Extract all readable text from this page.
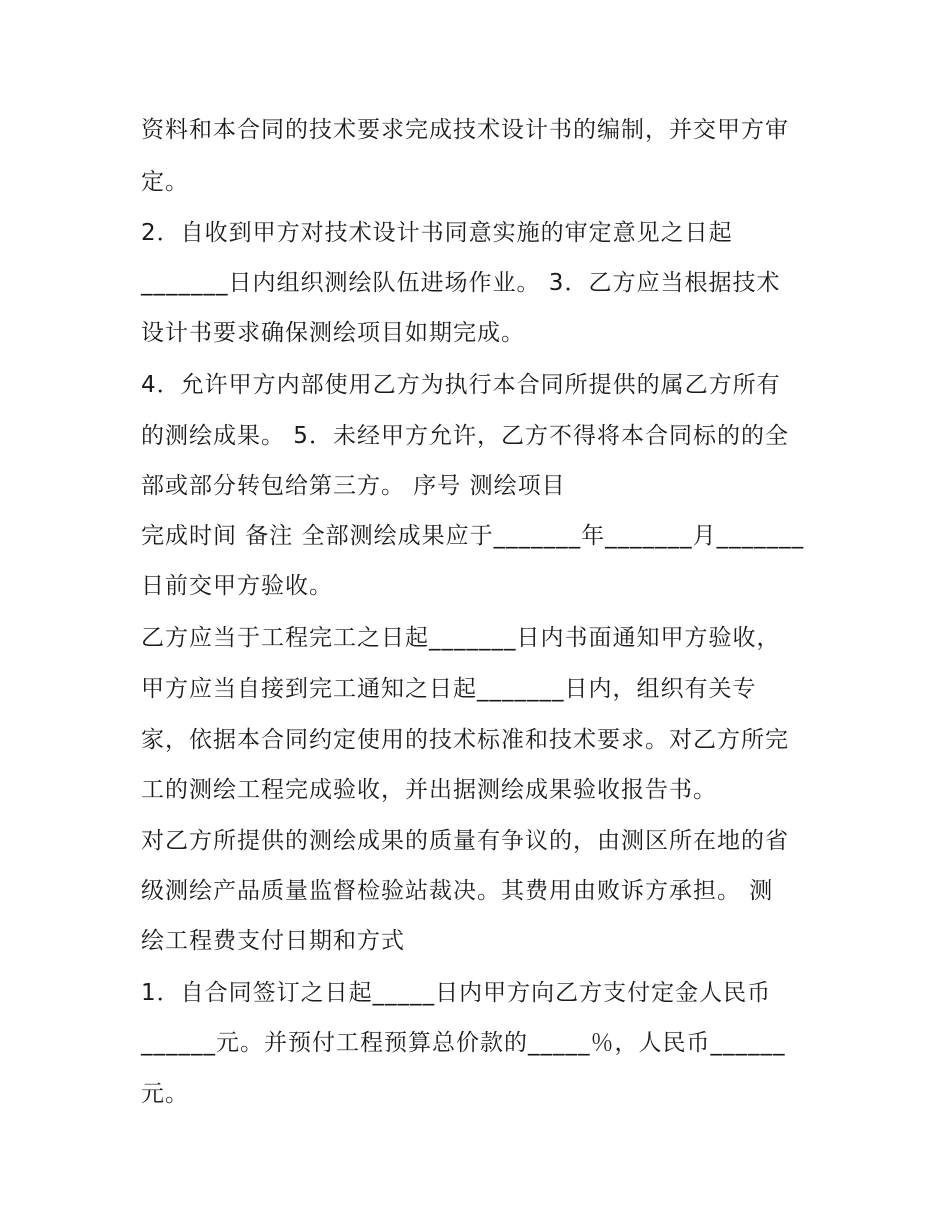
资料和本合同的技术要求完成技术设计书的编制，并交甲方审
定。
2．自收到甲方对技术设计书同意实施的审定意见之日起
_______日内组织测绘队伍进场作业。 3．乙方应当根据技术
设计书要求确保测绘项目如期完成。
4．允许甲方内部使用乙方为执行本合同所提供的属乙方所有
的测绘成果。 5．未经甲方允许，乙方不得将本合同标的的全
部或部分转包给第三方。 序号 测绘项目
完成时间 备注 全部测绘成果应于_______年_______月_______
日前交甲方验收。
乙方应当于工程完工之日起_______日内书面通知甲方验收，
甲方应当自接到完工通知之日起_______日内，组织有关专
家，依据本合同约定使用的技术标准和技术要求。对乙方所完
工的测绘工程完成验收，并出据测绘成果验收报告书。
对乙方所提供的测绘成果的质量有争议的，由测区所在地的省
级测绘产品质量监督检验站裁决。其费用由败诉方承担。 测
绘工程费支付日期和方式
1．自合同签订之日起_____日内甲方向乙方支付定金人民币
______元。并预付工程预算总价款的_____％，人民币______
元。
